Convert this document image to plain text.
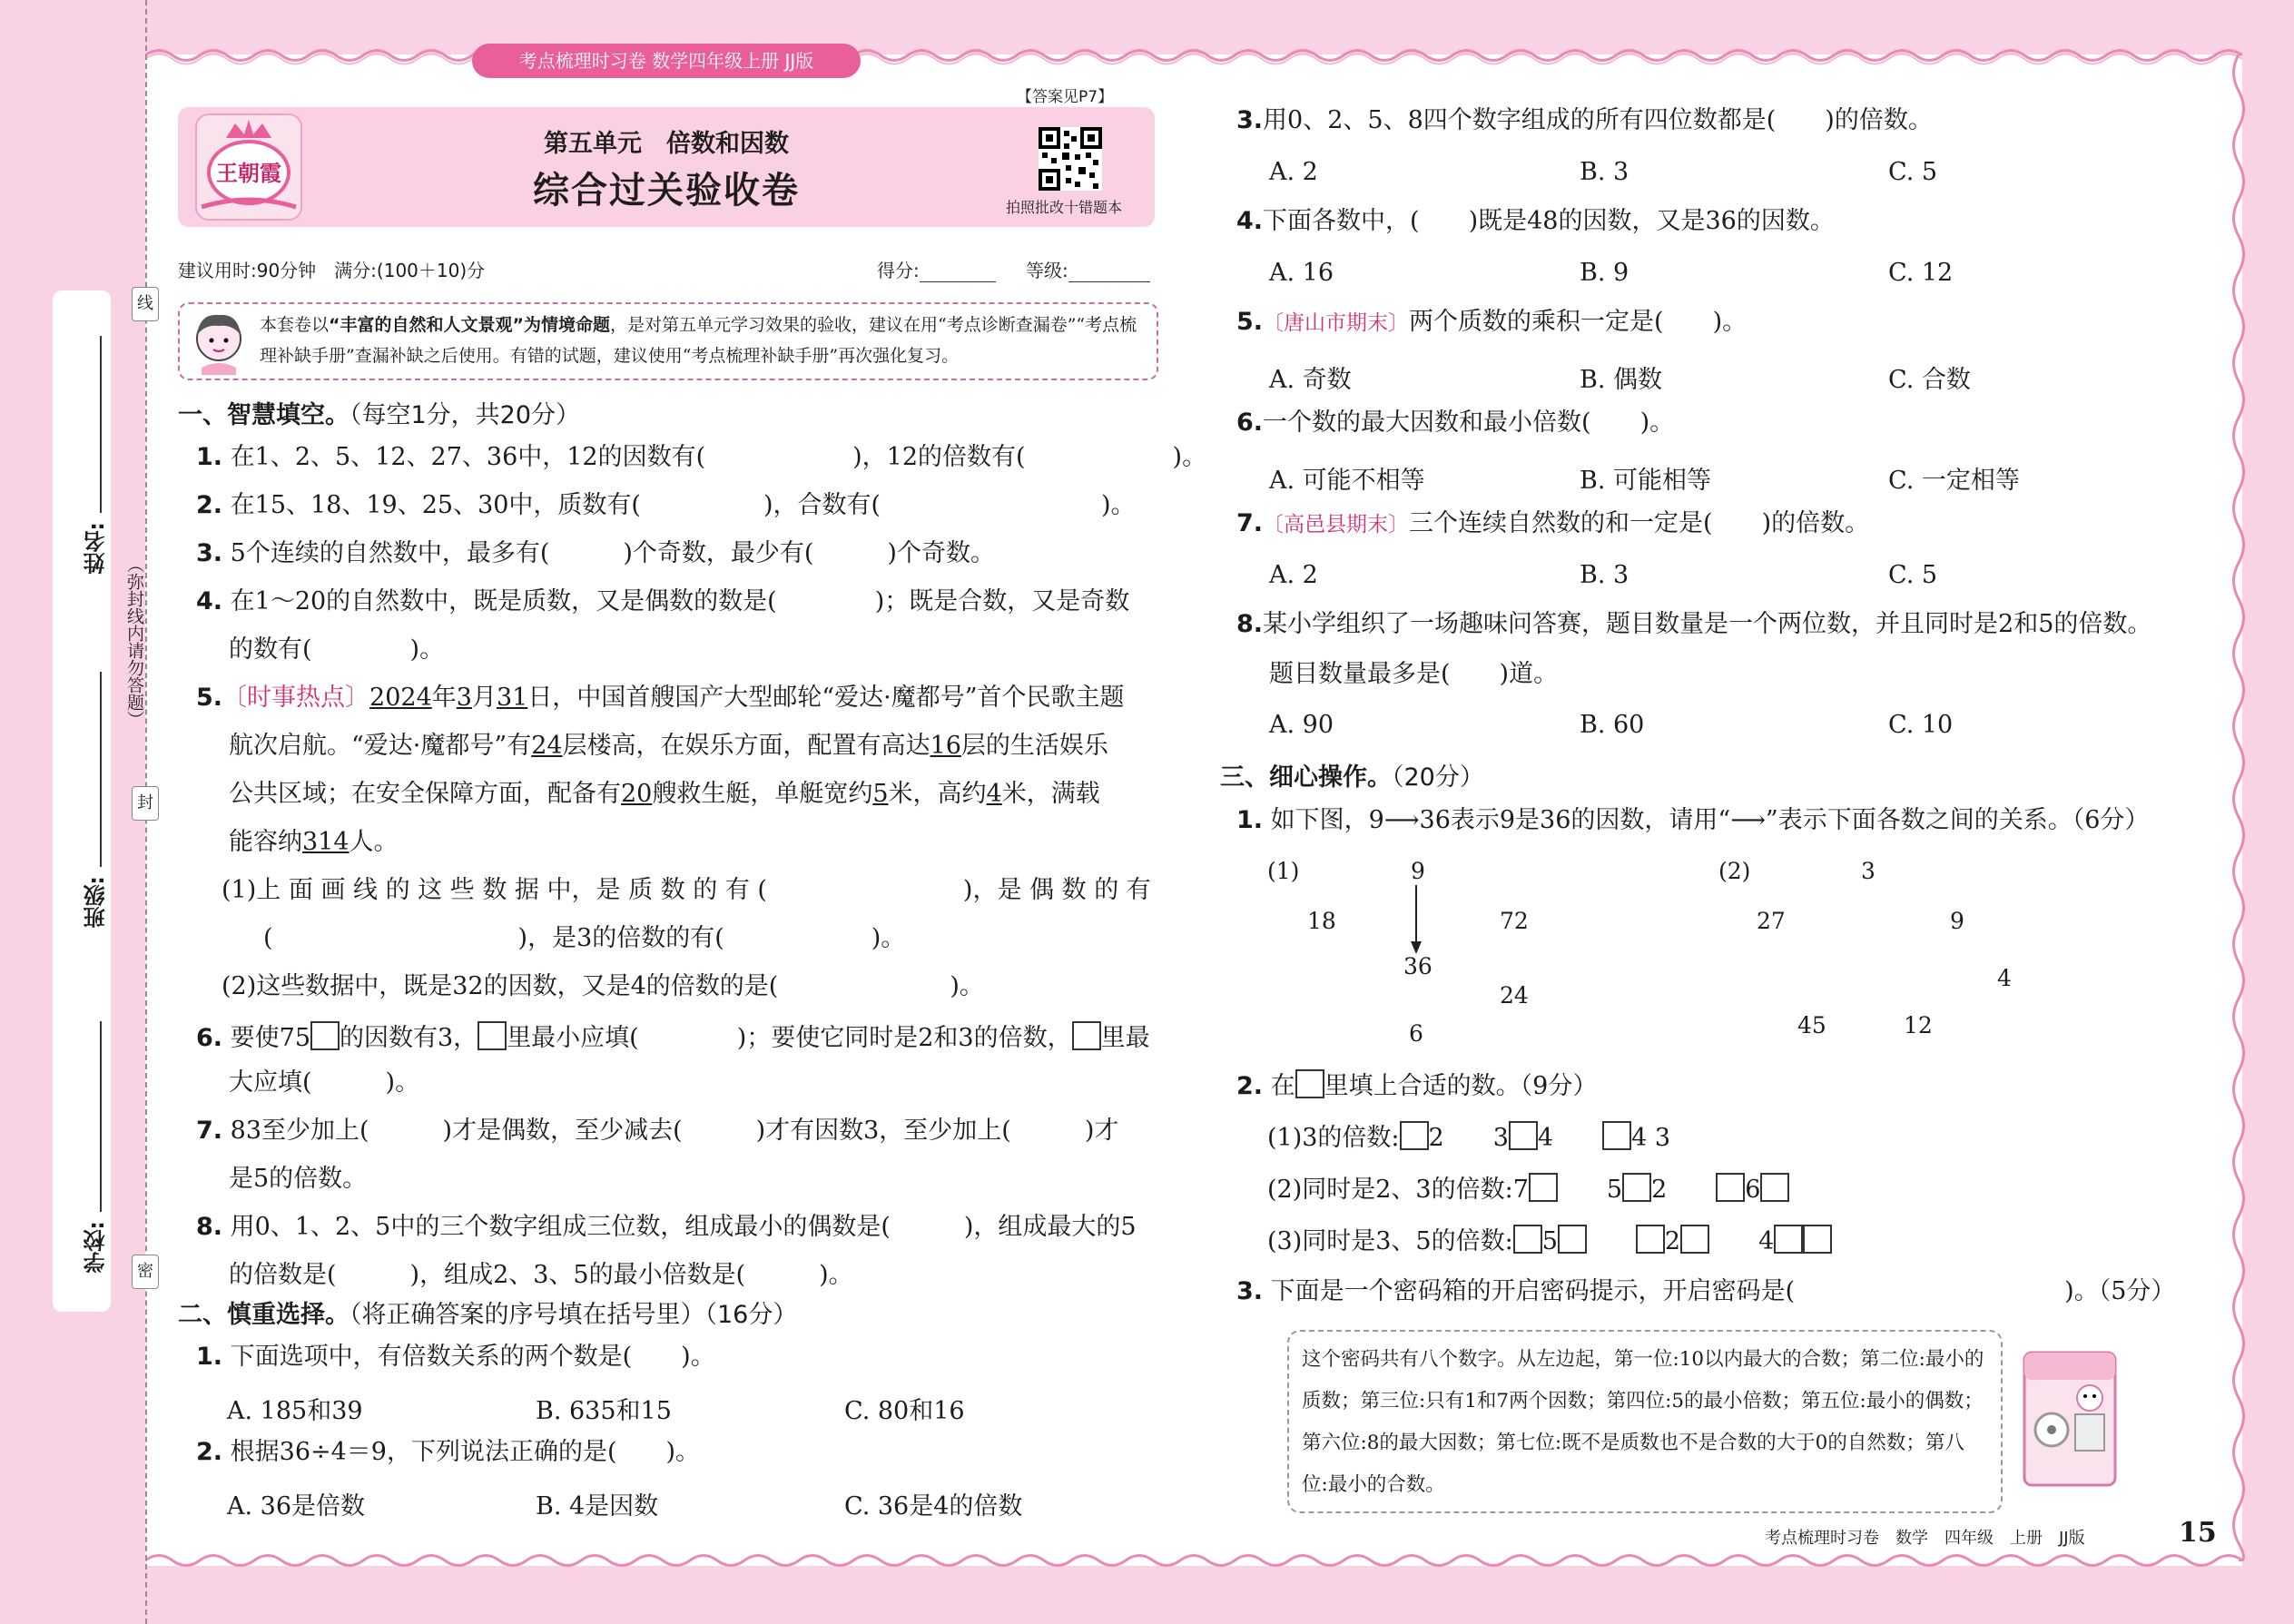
姓名:
班级:
学校:
线
封
密
（弥封线内请勿答题）
考点梳理时习卷 数学四年级上册 JJ版
【答案见P7】
王朝霞
第五单元　倍数和因数
综合过关验收卷	拍照批改十错题本
建议用时:90分钟　满分:(100＋10)分	得分:	等级:
本套卷以“丰富的自然和人文景观”为情境命题，是对第五单元学习效果的验收，建议在用“考点诊断查漏卷”“考点梳理补缺手册”查漏补缺之后使用。有错的试题，建议使用“考点梳理补缺手册”再次强化复习。
一、智慧填空。（每空1分，共20分）
1. 在1、2、5、12、27、36中，12的因数有(　　　　　　)，12的倍数有(　　　　　　)。
2. 在15、18、19、25、30中，质数有(　　　　　)，合数有(　　　　　　　　　)。
3. 5个连续的自然数中，最多有(　　　)个奇数，最少有(　　　)个奇数。
4. 在1～20的自然数中，既是质数，又是偶数的数是(　　　　)；既是合数，又是奇数
的数有(　　　　)。
5.〔时事热点〕2024年3月31日，中国首艘国产大型邮轮“爱达·魔都号”首个民歌主题
航次启航。“爱达·魔都号”有24层楼高，在娱乐方面，配置有高达16层的生活娱乐
公共区域；在安全保障方面，配备有20艘救生艇，单艇宽约5米，高约4米，满载
能容纳314人。
(1)上 面 画 线 的 这 些 数 据 中，是 质 数 的 有 (　　　　　　　　)，是 偶 数 的 有
(　　　　　　　　　　)，是3的倍数的有(　　　　　　)。
(2)这些数据中，既是32的因数，又是4的倍数的是(　　　　　　　)。
6. 要使75 的因数有3， 里最小应填(　　　　)；要使它同时是2和3的倍数， 里最
大应填(　　　)。
7. 83至少加上(　　　)才是偶数，至少减去(　　　)才有因数3，至少加上(　　　)才
是5的倍数。
8. 用0、1、2、5中的三个数字组成三位数，组成最小的偶数是(　　　)，组成最大的5
的倍数是(　　　)，组成2、3、5的最小倍数是(　　　)。
二、慎重选择。（将正确答案的序号填在括号里）（16分）
1. 下面选项中，有倍数关系的两个数是(　　)。
A. 185和39	B. 635和15	C. 80和16
2. 根据36÷4＝9，下列说法正确的是(　　)。
A. 36是倍数	B. 4是因数	C. 36是4的倍数
3.用0、2、5、8四个数字组成的所有四位数都是(　　)的倍数。
A. 2	B. 3	C. 5
4.下面各数中，(　　)既是48的因数，又是36的因数。
A. 16	B. 9	C. 12
5.〔唐山市期末〕两个质数的乘积一定是(　　)。
A. 奇数	B. 偶数	C. 合数
6.一个数的最大因数和最小倍数(　　)。
A. 可能不相等	B. 可能相等	C. 一定相等
7.〔高邑县期末〕三个连续自然数的和一定是(　　)的倍数。
A. 2	B. 3	C. 5
8.某小学组织了一场趣味问答赛，题目数量是一个两位数，并且同时是2和5的倍数。
题目数量最多是(　　)道。
A. 90	B. 60	C. 10
三、细心操作。（20分）
1. 如下图，9⟶36表示9是36的因数，请用“⟶”表示下面各数之间的关系。（6分）
(1)	9
18	72
36
24
6
(2)	3
27	9
4
45	12
2. 在 里填上合适的数。（9分）
(1)3的倍数: 2　　 3 4　　	4 3
(2)同时是2、3的倍数:7　　	5 2　　	6
(3)同时是3、5的倍数: 5　　	2　　	4
3. 下面是一个密码箱的开启密码提示，开启密码是(　　　　　　　　　　　)。（5分）
这个密码共有八个数字。从左边起，第一位:10以内最大的合数；第二位:最小的质数；第三位:只有1和7两个因数；第四位:5的最小倍数；第五位:最小的偶数；第六位:8的最大因数；第七位:既不是质数也不是合数的大于0的自然数；第八位:最小的合数。
考点梳理时习卷　数学　四年级　上册　JJ版	15
